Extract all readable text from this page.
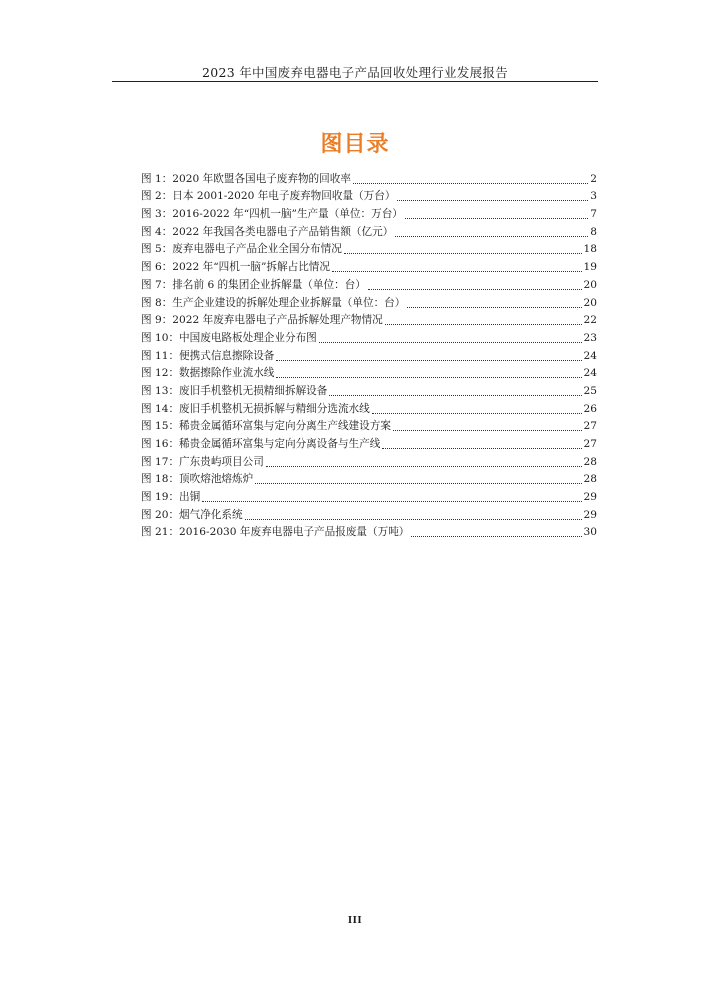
2023 年中国废弃电器电子产品回收处理行业发展报告
图目录
图 1：2020 年欧盟各国电子废弃物的回收率	2
图 2：日本 2001-2020 年电子废弃物回收量（万台）	3
图 3：2016-2022 年“四机一脑”生产量（单位：万台）	7
图 4：2022 年我国各类电器电子产品销售额（亿元）	8
图 5：废弃电器电子产品企业全国分布情况	18
图 6：2022 年“四机一脑”拆解占比情况	19
图 7：排名前 6 的集团企业拆解量（单位：台）	20
图 8：生产企业建设的拆解处理企业拆解量（单位：台）	20
图 9：2022 年废弃电器电子产品拆解处理产物情况	22
图 10：中国废电路板处理企业分布图	23
图 11：便携式信息擦除设备	24
图 12：数据擦除作业流水线	24
图 13：废旧手机整机无损精细拆解设备	25
图 14：废旧手机整机无损拆解与精细分选流水线	26
图 15：稀贵金属循环富集与定向分离生产线建设方案	27
图 16：稀贵金属循环富集与定向分离设备与生产线	27
图 17：广东贵屿项目公司	28
图 18：顶吹熔池熔炼炉	28
图 19：出铜	29
图 20：烟气净化系统	29
图 21：2016-2030 年废弃电器电子产品报废量（万吨）	30
III
